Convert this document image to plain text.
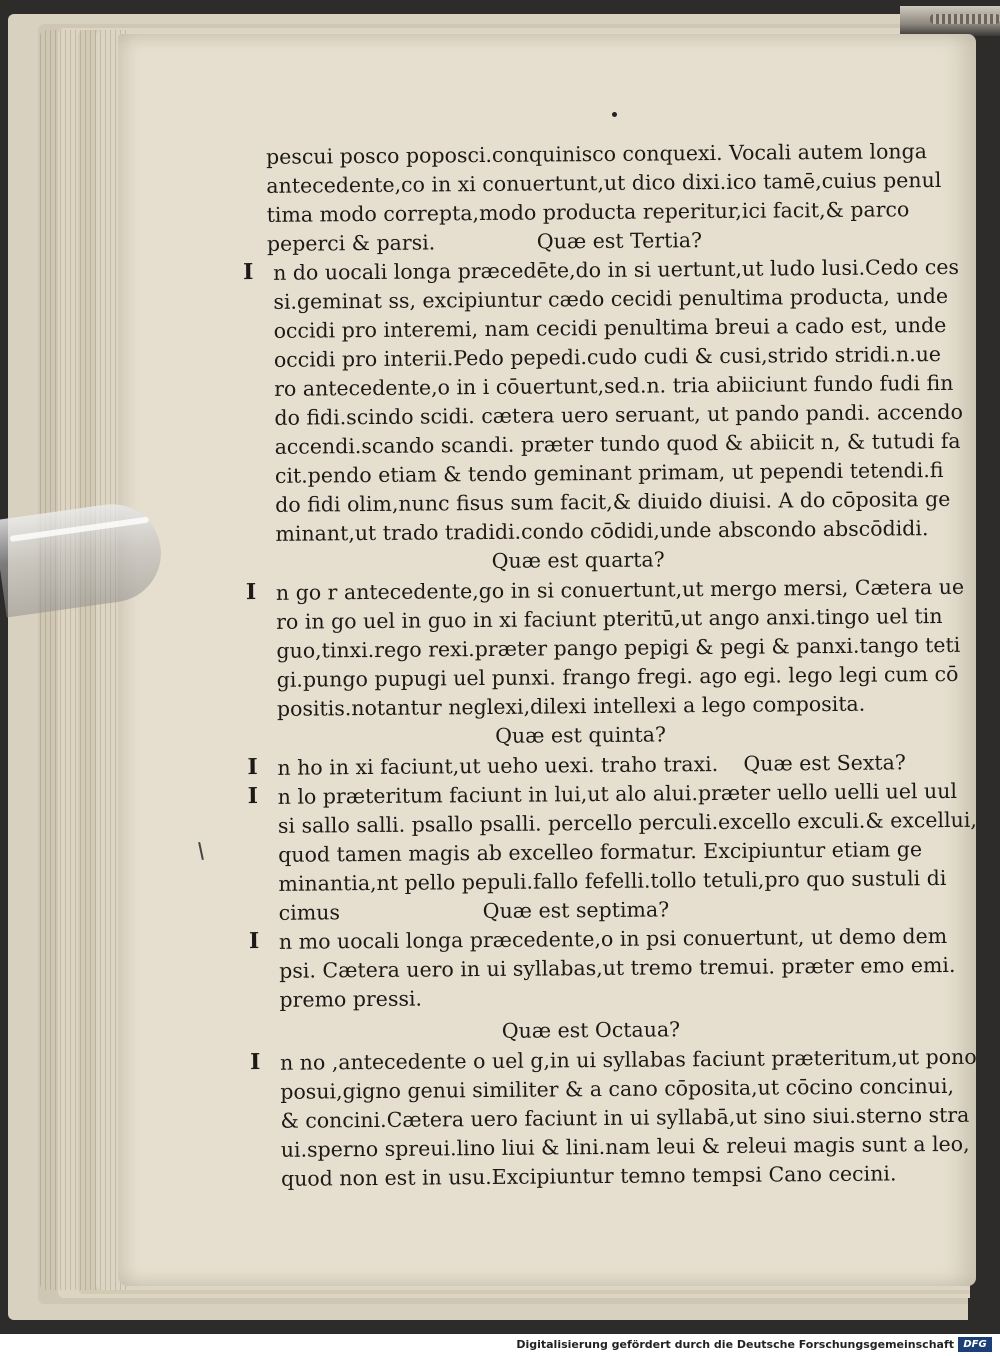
pescui posco poposci.conquinisco conquexi. Vocali autem longa
antecedente,co in xi conuertunt,ut dico dixi.ico tamē,cuius penul
tima modo correpta,modo producta reperitur,ici facit,& parco
peperci & parsi.	Quæ est Tertia?
I n do uocali longa præcedēte,do in si uertunt,ut ludo lusi.Cedo ces
si.geminat ss, excipiuntur cædo cecidi penultima producta, unde
occidi pro interemi, nam cecidi penultima breui a cado est, unde
occidi pro interii.Pedo pepedi.cudo cudi & cusi,strido stridi.n.ue
ro antecedente,o in i cōuertunt,sed.n. tria abiiciunt fundo fudi fin
do fidi.scindo scidi. cætera uero seruant, ut pando pandi. accendo
accendi.scando scandi. præter tundo quod & abiicit n, & tutudi fa
cit.pendo etiam & tendo geminant primam, ut pependi tetendi.fi
do fidi olim,nunc fisus sum facit,& diuido diuisi. A do cōposita ge
minant,ut trado tradidi.condo cōdidi,unde abscondo abscōdidi.
Quæ est quarta?
I n go r antecedente,go in si conuertunt,ut mergo mersi, Cætera ue
ro in go uel in guo in xi faciunt pteritū,ut ango anxi.tingo uel tin
guo,tinxi.rego rexi.præter pango pepigi & pegi & panxi.tango teti
gi.pungo pupugi uel punxi. frango fregi. ago egi. lego legi cum cō
positis.notantur neglexi,dilexi intellexi a lego composita.
Quæ est quinta?
I n ho in xi faciunt,ut ueho uexi. traho traxi. Quæ est Sexta?
I n lo præteritum faciunt in lui,ut alo alui.præter uello uelli uel uul
si sallo salli. psallo psalli. percello perculi.excello exculi.& excellui,
quod tamen magis ab excelleo formatur. Excipiuntur etiam ge
minantia,nt pello pepuli.fallo fefelli.tollo tetuli,pro quo sustuli di
cimus	Quæ est septima?
I n mo uocali longa præcedente,o in psi conuertunt, ut demo dem
psi. Cætera uero in ui syllabas,ut tremo tremui. præter emo emi.
premo pressi.
Quæ est Octaua?
I n no ,antecedente o uel g,in ui syllabas faciunt præteritum,ut pono
posui,gigno genui similiter & a cano cōposita,ut cōcino concinui,
& concini.Cætera uero faciunt in ui syllabā,ut sino siui.sterno stra
ui.sperno spreui.lino liui & lini.nam leui & releui magis sunt a leo,
quod non est in usu.Excipiuntur temno tempsi Cano cecini.
Digitalisierung gefördert durch die Deutsche Forschungsgemeinschaft DFG
